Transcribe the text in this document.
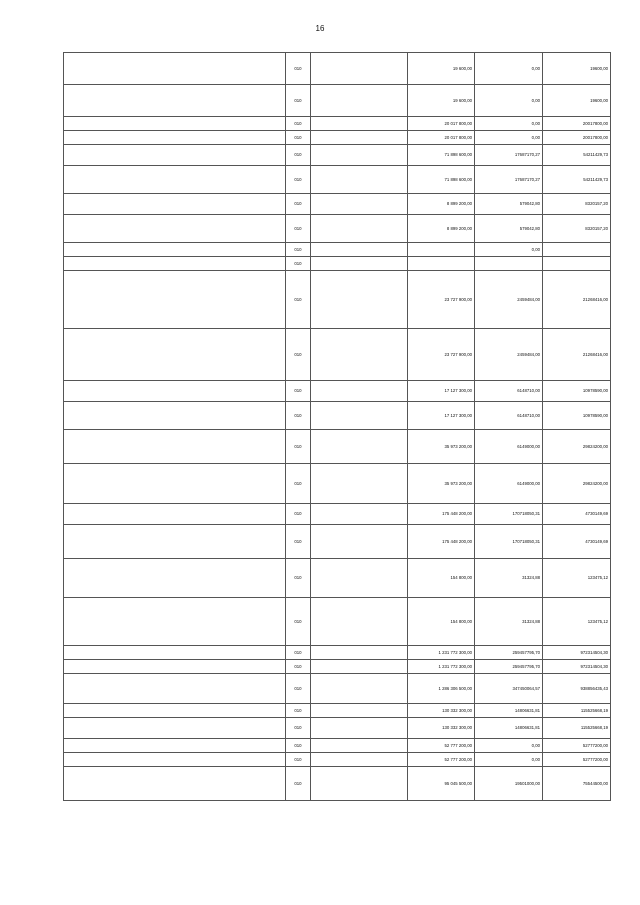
16
	010		19 600,00	0,00	19600,00
	010		19 600,00	0,00	19600,00
	010		20 017 800,00	0,00	20017800,00
	010		20 017 800,00	0,00	20017800,00
	010		71 898 600,00	17687170,27	54211429,73
	010		71 898 600,00	17687170,27	54211429,73
	010		8 899 200,00	579042,80	8320157,20
	010		8 899 200,00	579042,80	8320157,20
	010			0,00	
	010				
	010		23 727 900,00	2459484,00	21268416,00
	010		23 727 900,00	2459484,00	21268416,00
	010		17 127 300,00	6148710,00	10978590,00
	010		17 127 300,00	6148710,00	10978590,00
	010		35 973 200,00	6149000,00	29824200,00
	010		35 973 200,00	6149000,00	29824200,00
	010		175 448 200,00	170718050,31	4730149,69
	010		175 448 200,00	170718050,31	4730149,69
	010		154 800,00	31324,88	123475,12
	010		154 800,00	31324,88	123475,12
	010		1 231 772 300,00	259457795,70	972314504,30
	010		1 231 772 300,00	259457795,70	972314504,30
	010		1 286 306 500,00	347450064,57	938856435,43
	010		130 332 300,00	14806631,81	115525668,19
	010		130 332 300,00	14806631,81	115525668,19
	010		52 777 200,00	0,00	52777200,00
	010		52 777 200,00	0,00	52777200,00
	010		95 045 500,00	19501000,00	75544500,00
